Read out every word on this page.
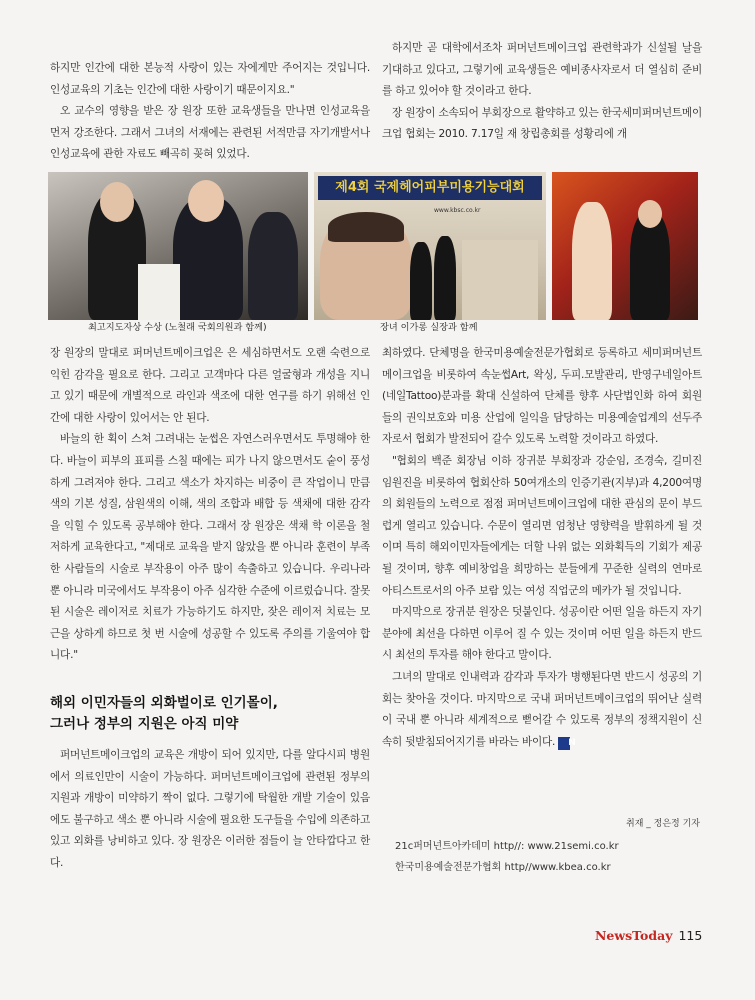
하지만 인간에 대한 본능적 사랑이 있는 자에게만 주어지는 것입니다. 인성교육의 기초는 인간에 대한 사랑이기 때문이지요."

오 교수의 영향을 받은 장 원장 또한 교육생들을 만나면 인성교육을 먼저 강조한다. 그래서 그녀의 서재에는 관련된 서적만큼 자기개발서나 인성교육에 관한 자료도 빼곡히 꽂혀 있었다.

하지만 곧 대학에서조차 퍼머넌트메이크업 관련학과가 신설될 날을 기대하고 있다고, 그렇기에 교육생들은 예비종사자로서 더 열심히 준비를 하고 있어야 할 것이라고 한다.

장 원장이 소속되어 부회장으로 활약하고 있는 한국세미퍼머넌트메이크업 협회는 2010. 7.17일 재 창립총회를 성황리에 개

제4회 국제헤어피부미용기능대회
www.kbsc.co.kr
최고지도자상 수상 (노철래 국회의원과 함께)	장녀 이가롱 실장과 함께

장 원장의 말대로 퍼머넌트메이크업은 은 세심하면서도 오랜 숙련으로 익힌 감각을 필요로 한다. 그리고 고객마다 다른 얼굴형과 개성을 지니고 있기 때문에 개별적으로 라인과 색조에 대한 연구를 하기 위해선 인간에 대한 사랑이 있어서는 안 된다.

바늘의 한 획이 스쳐 그려내는 눈썹은 자연스러우면서도 투명해야 한다. 바늘이 피부의 표피를 스칠 때에는 피가 나지 않으면서도 숱이 풍성하게 그려져야 한다. 그리고 색소가 차지하는 비중이 큰 작업이니 만큼 색의 기본 성질, 삼원색의 이해, 색의 조합과 배합 등 색채에 대한 감각을 익힐 수 있도록 공부해야 한다. 그래서 장 원장은 색채 학 이론을 철저하게 교육한다고, "제대로 교육을 받지 않았을 뿐 아니라 훈련이 부족한 사람들의 시술로 부작용이 아주 많이 속출하고 있습니다. 우리나라 뿐 아니라 미국에서도 부작용이 아주 심각한 수준에 이르렀습니다. 잘못 된 시술은 레이저로 치료가 가능하기도 하지만, 잦은 레이저 치료는 모근을 상하게 하므로 첫 번 시술에 성공할 수 있도록 주의를 기울여야 합니다."

최하였다. 단체명을 한국미용예술전문가협회로 등록하고 세미퍼머넌트 메이크업을 비롯하여 속눈썹Art, 왁싱, 두피.모발관리, 반영구네일아트(네일Tattoo)분과를 확대 신설하여 단체를 향후 사단법인화 하여 회원들의 권익보호와 미용 산업에 일익을 담당하는 미용예술업계의 선두주자로서 협회가 발전되어 갈수 있도록 노력할 것이라고 하였다.

"협회의 백준 회장님 이하 장귀분 부회장과 강순임, 조경숙, 길미진 임원진을 비롯하여 협회산하 50여개소의 인증기관(지부)과 4,200여명의 회원들의 노력으로 점점 퍼머넌트메이크업에 대한 관심의 문이 부드럽게 열리고 있습니다. 수문이 열리면 엄청난 영향력을 발휘하게 될 것이며 특히 해외이민자들에게는 더할 나위 없는 외화획득의 기회가 제공될 것이며, 향후 예비창업을 희망하는 분들에게 꾸준한 실력의 연마로 아티스트로서의 아주 보람 있는 여성 직업군의 메카가 될 것입니다.

마지막으로 장귀분 원장은 덧붙인다. 성공이란 어떤 일을 하든지 자기 분야에 최선을 다하면 이루어 질 수 있는 것이며 어떤 일을 하든지 반드시 최선의 투자를 해야 한다고 말이다.

그녀의 말대로 인내력과 감각과 투자가 병행된다면 반드시 성공의 기회는 찾아올 것이다. 마지막으로 국내 퍼머넌트메이크업의 뛰어난 실력이 국내 뿐 아니라 세계적으로 뻗어갈 수 있도록 정부의 정책지원이 신속히 뒷받침되어지기를 바라는 바이다. N

해외 이민자들의 외화벌이로 인기몰이,
그러나 정부의 지원은 아직 미약

퍼머넌트메이크업의 교육은 개방이 되어 있지만, 다를 알다시피 병원에서 의료인만이 시술이 가능하다. 퍼머넌트메이크업에 관련된 정부의 지원과 개방이 미약하기 짝이 없다. 그렇기에 탁월한 개발 기술이 있음에도 불구하고 색소 뿐 아니라 시술에 필요한 도구들을 수입에 의존하고 있고 외화를 낭비하고 있다. 장 원장은 이러한 점들이 늘 안타깝다고 한다.

취재 _ 정은정 기자
21c퍼머넌트아카데미 http//: www.21semi.co.kr
한국미용예술전문가협회 http//www.kbea.co.kr
NewsToday 115
